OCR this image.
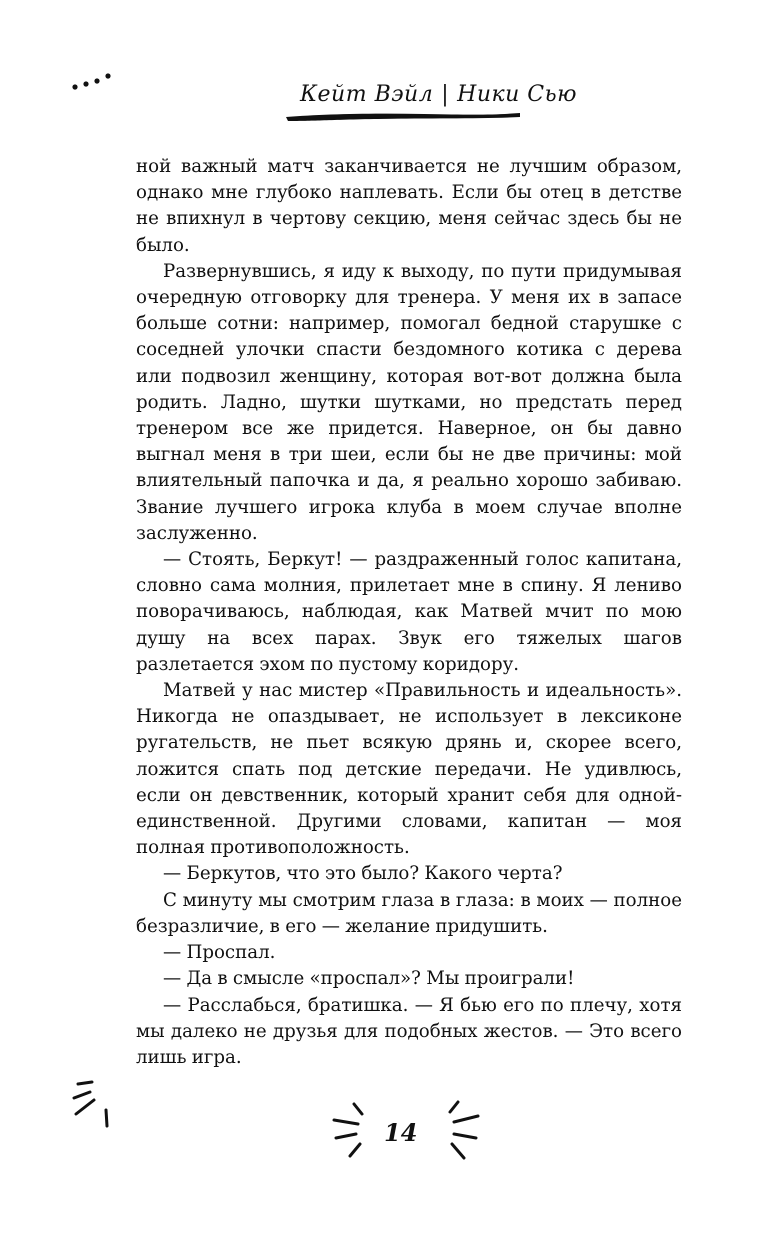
Кейт Вэйл | Ники Сью

ной важный матч заканчивается не лучшим образом, однако мне глубоко наплевать. Если бы отец в детстве не впихнул в чертову секцию, меня сейчас здесь бы не было.

Развернувшись, я иду к выходу, по пути придумывая очередную отговорку для тренера. У меня их в запасе больше сотни: например, помогал бедной старушке с соседней улочки спасти бездомного котика с дерева или подвозил женщину, которая вот-вот должна была родить. Ладно, шутки шутками, но предстать перед тренером все же придется. Наверное, он бы давно выгнал меня в три шеи, если бы не две причины: мой влиятельный папочка и да, я реально хорошо забиваю. Звание лучшего игрока клуба в моем случае вполне заслуженно.

— Стоять, Беркут! — раздраженный голос капитана, словно сама молния, прилетает мне в спину. Я лениво поворачиваюсь, наблюдая, как Матвей мчит по мою душу на всех парах. Звук его тяжелых шагов разлетается эхом по пустому коридору.

Матвей у нас мистер «Правильность и идеальность». Никогда не опаздывает, не использует в лексиконе ругательств, не пьет всякую дрянь и, скорее всего, ложится спать под детские передачи. Не удивлюсь, если он девственник, который хранит себя для одной-единственной. Другими словами, капитан — моя полная противоположность.

— Беркутов, что это было? Какого черта?

С минуту мы смотрим глаза в глаза: в моих — полное безразличие, в его — желание придушить.

— Проспал.

— Да в смысле «проспал»? Мы проиграли!

— Расслабься, братишка. — Я бью его по плечу, хотя мы далеко не друзья для подобных жестов. — Это всего лишь игра.

14
